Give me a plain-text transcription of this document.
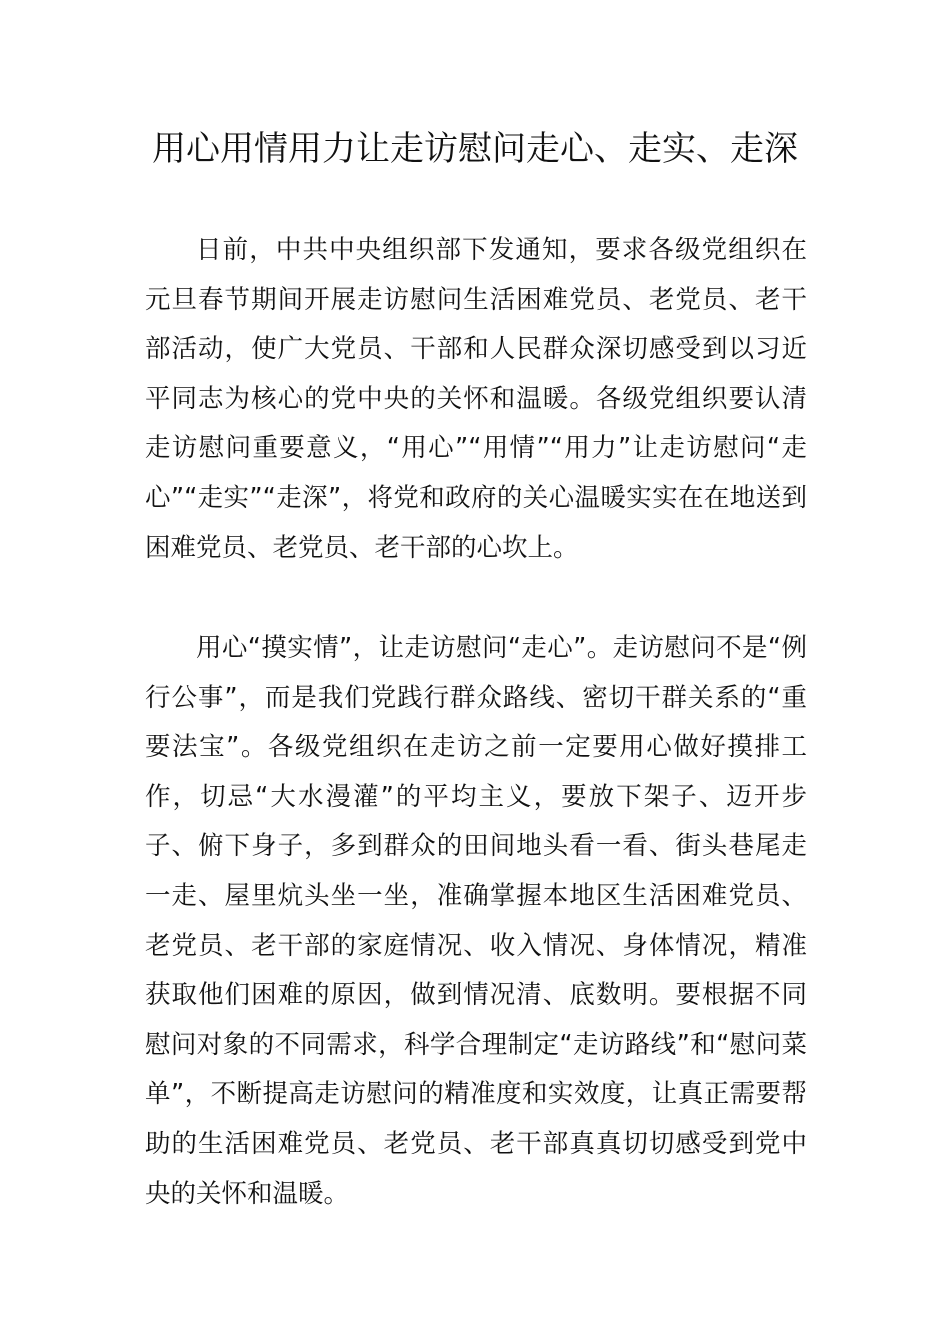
用心用情用力让走访慰问走心、走实、走深

日前，中共中央组织部下发通知，要求各级党组织在元旦春节期间开展走访慰问生活困难党员、老党员、老干部活动，使广大党员、干部和人民群众深切感受到以习近平同志为核心的党中央的关怀和温暖。各级党组织要认清走访慰问重要意义，“用心”“用情”“用力”让走访慰问“走心”“走实”“走深”，将党和政府的关心温暖实实在在地送到困难党员、老党员、老干部的心坎上。

用心“摸实情”，让走访慰问“走心”。走访慰问不是“例行公事”，而是我们党践行群众路线、密切干群关系的“重要法宝”。各级党组织在走访之前一定要用心做好摸排工作，切忌“大水漫灌”的平均主义，要放下架子、迈开步子、俯下身子，多到群众的田间地头看一看、街头巷尾走一走、屋里炕头坐一坐，准确掌握本地区生活困难党员、老党员、老干部的家庭情况、收入情况、身体情况，精准获取他们困难的原因，做到情况清、底数明。要根据不同慰问对象的不同需求，科学合理制定“走访路线”和“慰问菜单”，不断提高走访慰问的精准度和实效度，让真正需要帮助的生活困难党员、老党员、老干部真真切切感受到党中央的关怀和温暖。
